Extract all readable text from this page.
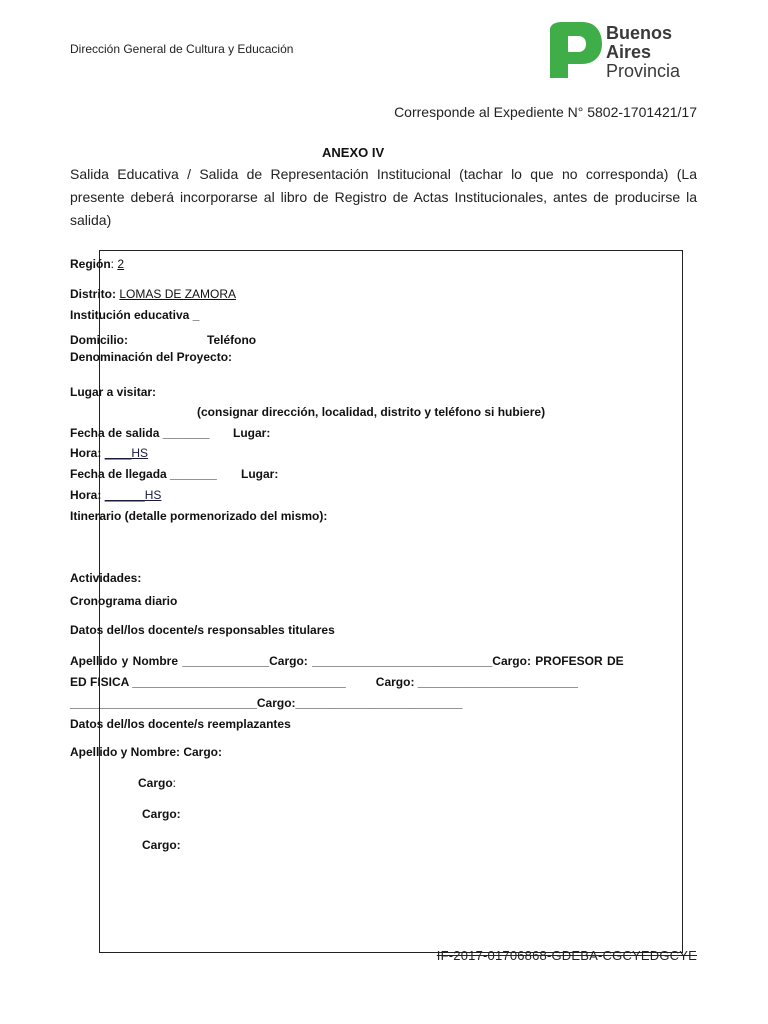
Dirección General de Cultura y Educación
Buenos
Aires
Provincia
Corresponde al Expediente N° 5802-1701421/17
ANEXO IV
Salida Educativa / Salida de Representación Institucional (tachar lo que no corresponda) (La presente deberá incorporarse al libro de Registro de Actas Institucionales, antes de producirse la salida)
Región: 2
Distrito: LOMAS DE ZAMORA
Institución educativa _
Domicilio:	Teléfono
Denominación del Proyecto:
Lugar a visitar:
(consignar dirección, localidad, distrito y teléfono si hubiere)
Fecha de salida _______ Lugar:
Hora: ____HS
Fecha de llegada _______ Lugar:
Hora: ______HS
Itinerario (detalle pormenorizado del mismo):
Actividades:
Cronograma diario
Datos del/los docente/s responsables titulares
Apellido y Nombre _____________Cargo: ___________________________Cargo: PROFESOR DE
ED FISICA ________________________________         Cargo: ________________________
____________________________Cargo:_________________________
Datos del/los docente/s reemplazantes
Apellido y Nombre: Cargo:
Cargo:
Cargo:
Cargo:
IF-2017-01706868-GDEBA-CGCYEDGCYE
